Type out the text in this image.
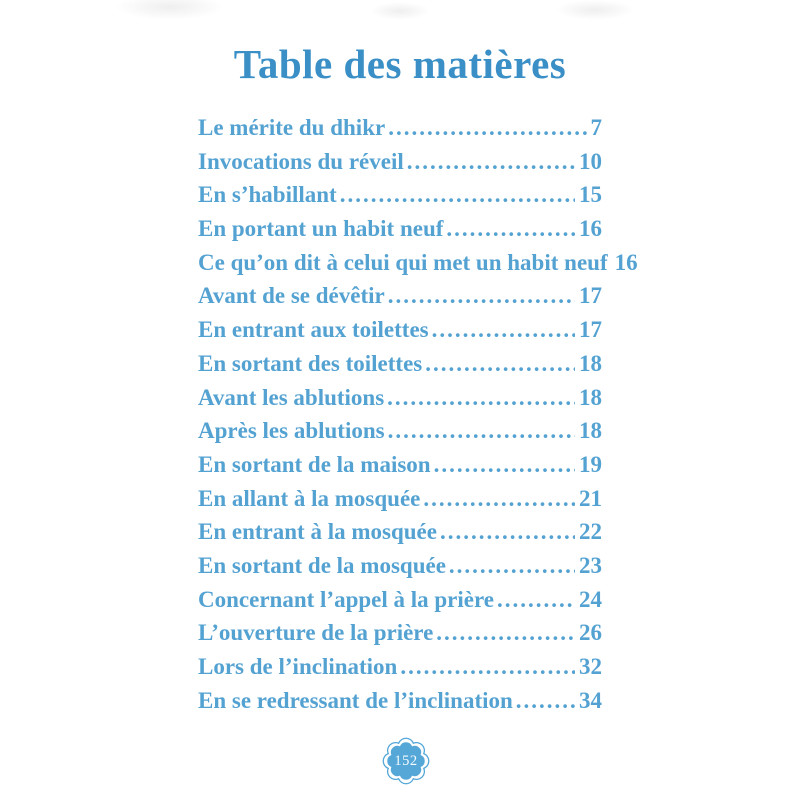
Table des matières
Le mérite du dhikr .....	7
Invocations du réveil .....	10
En s’habillant .....	15
En portant un habit neuf .....	16
Ce qu’on dit à celui qui met un habit neuf 16
Avant de se dévêtir .....	17
En entrant aux toilettes .....	17
En sortant des toilettes .....	18
Avant les ablutions .....	18
Après les ablutions .....	18
En sortant de la maison .....	19
En allant à la mosquée .....	21
En entrant à la mosquée .....	22
En sortant de la mosquée .....	23
Concernant l’appel à la prière .....	24
L’ouverture de la prière .....	26
Lors de l’inclination .....	32
En se redressant de l’inclination .....	34
152
